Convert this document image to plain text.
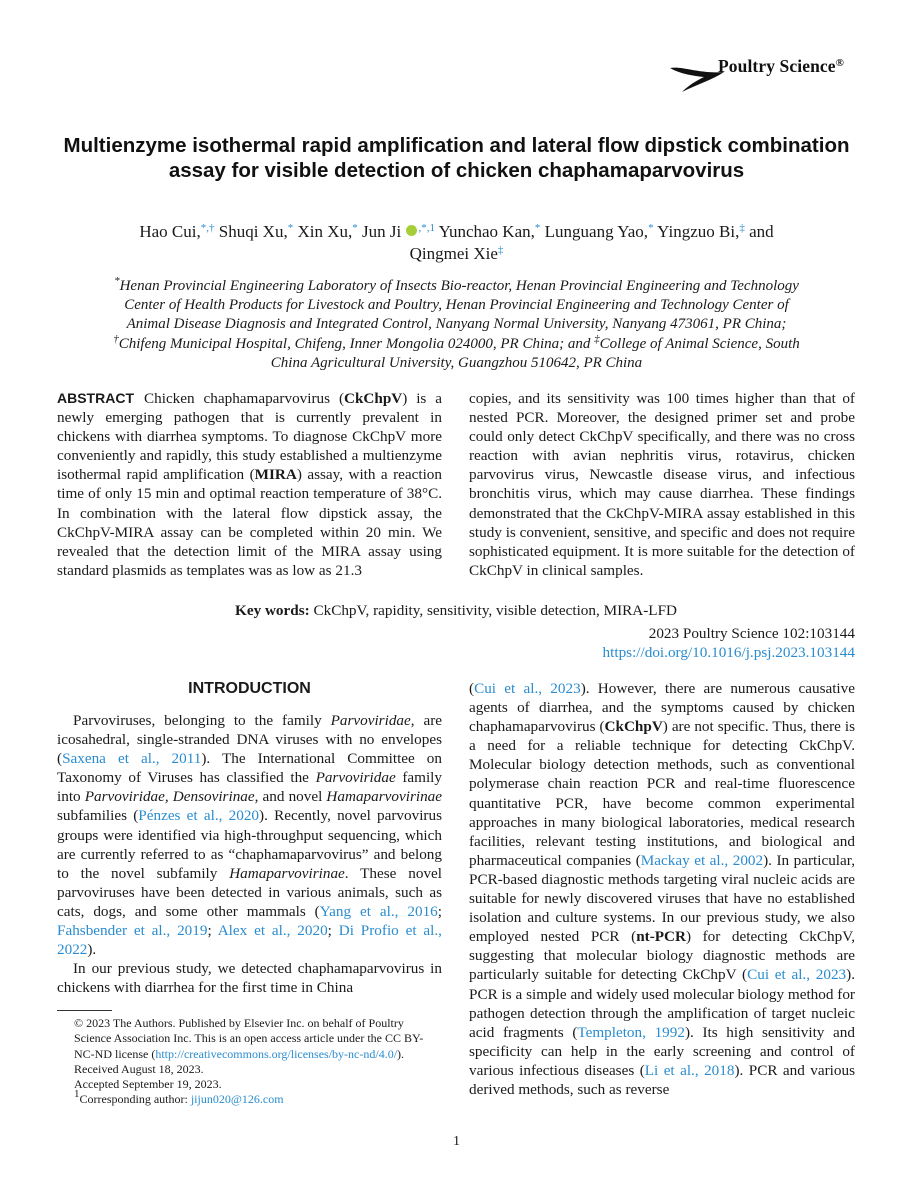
Poultry Science®
Multienzyme isothermal rapid amplification and lateral flow dipstick combination assay for visible detection of chicken chaphamaparvovirus
Hao Cui,*,† Shuqi Xu,* Xin Xu,* Jun Ji $^{,*,1}$ Yunchao Kan,* Lunguang Yao,* Yingzuo Bi,‡ and
Qingmei Xie‡
*Henan Provincial Engineering Laboratory of Insects Bio-reactor, Henan Provincial Engineering and Technology
Center of Health Products for Livestock and Poultry, Henan Provincial Engineering and Technology Center of
Animal Disease Diagnosis and Integrated Control, Nanyang Normal University, Nanyang 473061, PR China;
†Chifeng Municipal Hospital, Chifeng, Inner Mongolia 024000, PR China; and ‡College of Animal Science, South
China Agricultural University, Guangzhou 510642, PR China
ABSTRACT Chicken chaphamaparvovirus (CkChpV) is a newly emerging pathogen that is currently prevalent in chickens with diarrhea symptoms. To diagnose CkChpV more conveniently and rapidly, this study established a multienzyme isothermal rapid amplification (MIRA) assay, with a reaction time of only 15 min and optimal reaction temperature of 38°C. In combination with the lateral flow dipstick assay, the CkChpV-MIRA assay can be completed within 20 min. We revealed that the detection limit of the MIRA assay using standard plasmids as templates was as low as 21.3
copies, and its sensitivity was 100 times higher than that of nested PCR. Moreover, the designed primer set and probe could only detect CkChpV specifically, and there was no cross reaction with avian nephritis virus, rotavirus, chicken parvovirus virus, Newcastle disease virus, and infectious bronchitis virus, which may cause diarrhea. These findings demonstrated that the CkChpV-MIRA assay established in this study is convenient, sensitive, and specific and does not require sophisticated equipment. It is more suitable for the detection of CkChpV in clinical samples.
Key words: CkChpV, rapidity, sensitivity, visible detection, MIRA-LFD
2023 Poultry Science 102:103144
https://doi.org/10.1016/j.psj.2023.103144
INTRODUCTION

Parvoviruses, belonging to the family Parvoviridae, are icosahedral, single-stranded DNA viruses with no envelopes (Saxena et al., 2011). The International Committee on Taxonomy of Viruses has classified the Parvoviridae family into Parvoviridae, Densovirinae, and novel Hamaparvovirinae subfamilies (Pénzes et al., 2020). Recently, novel parvovirus groups were identified via high-throughput sequencing, which are currently referred to as “chaphamaparvovirus” and belong to the novel subfamily Hamaparvovirinae. These novel parvoviruses have been detected in various animals, such as cats, dogs, and some other mammals (Yang et al., 2016; Fahsbender et al., 2019; Alex et al., 2020; Di Profio et al., 2022).

In our previous study, we detected chaphamaparvovirus in chickens with diarrhea for the first time in China

(Cui et al., 2023). However, there are numerous causative agents of diarrhea, and the symptoms caused by chicken chaphamaparvovirus (CkChpV) are not specific. Thus, there is a need for a reliable technique for detecting CkChpV. Molecular biology detection methods, such as conventional polymerase chain reaction PCR and real-time fluorescence quantitative PCR, have become common experimental approaches in many biological laboratories, medical research facilities, relevant testing institutions, and biological and pharmaceutical companies (Mackay et al., 2002). In particular, PCR-based diagnostic methods targeting viral nucleic acids are suitable for newly discovered viruses that have no established isolation and culture systems. In our previous study, we also employed nested PCR (nt-PCR) for detecting CkChpV, suggesting that molecular biology diagnostic methods are particularly suitable for detecting CkChpV (Cui et al., 2023). PCR is a simple and widely used molecular biology method for pathogen detection through the amplification of target nucleic acid fragments (Templeton, 1992). Its high sensitivity and specificity can help in the early screening and control of various infectious diseases (Li et al., 2018). PCR and various derived methods, such as reverse
© 2023 The Authors. Published by Elsevier Inc. on behalf of Poultry Science Association Inc. This is an open access article under the CC BY-NC-ND license (http://creativecommons.org/licenses/by-nc-nd/4.0/).
Received August 18, 2023.
Accepted September 19, 2023.
1Corresponding author: jijun020@126.com
1
